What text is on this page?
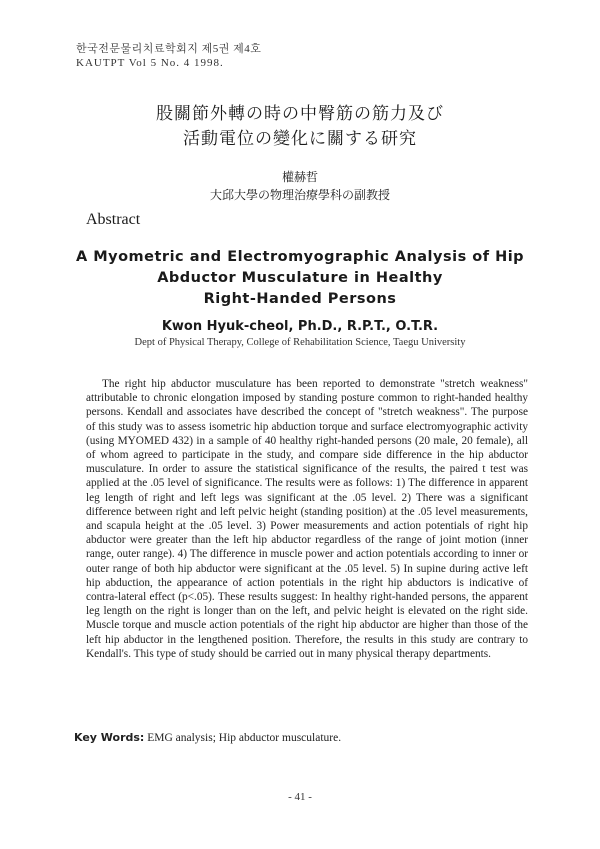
한국전문물리치료학회지 제5권 제4호
KAUTPT Vol 5 No. 4 1998.
股關節外轉の時の中臀筋の筋力及び
活動電位の變化に關する研究
權赫哲
大邱大學の物理治療學科の副教授
Abstract
A Myometric and Electromyographic Analysis of Hip
Abductor Musculature in Healthy
Right-Handed Persons
Kwon Hyuk-cheol, Ph.D., R.P.T., O.T.R.
Dept of Physical Therapy, College of Rehabilitation Science, Taegu University

The right hip abductor musculature has been reported to demonstrate "stretch weakness" attributable to chronic elongation imposed by standing posture common to right-handed healthy persons. Kendall and associates have described the concept of "stretch weakness". The purpose of this study was to assess isometric hip abduction torque and surface electromyographic activity (using MYOMED 432) in a sample of 40 healthy right-handed persons (20 male, 20 female), all of whom agreed to participate in the study, and compare side difference in the hip abductor musculature. In order to assure the statistical significance of the results, the paired t test was applied at the .05 level of significance. The results were as follows: 1) The difference in apparent leg length of right and left legs was significant at the .05 level. 2) There was a significant difference between right and left pelvic height (standing position) at the .05 level measurements, and scapula height at the .05 level. 3) Power measurements and action potentials of right hip abductor were greater than the left hip abductor regardless of the range of joint motion (inner range, outer range). 4) The difference in muscle power and action potentials according to inner or outer range of both hip abductor were significant at the .05 level. 5) In supine during active left hip abduction, the appearance of action potentials in the right hip abductors is indicative of contra-lateral effect (p<.05). These results suggest: In healthy right-handed persons, the apparent leg length on the right is longer than on the left, and pelvic height is elevated on the right side. Muscle torque and muscle action potentials of the right hip abductor are higher than those of the left hip abductor in the lengthened position. Therefore, the results in this study are contrary to Kendall's. This type of study should be carried out in many physical therapy departments.

Key Words: EMG analysis; Hip abductor musculature.
- 41 -
